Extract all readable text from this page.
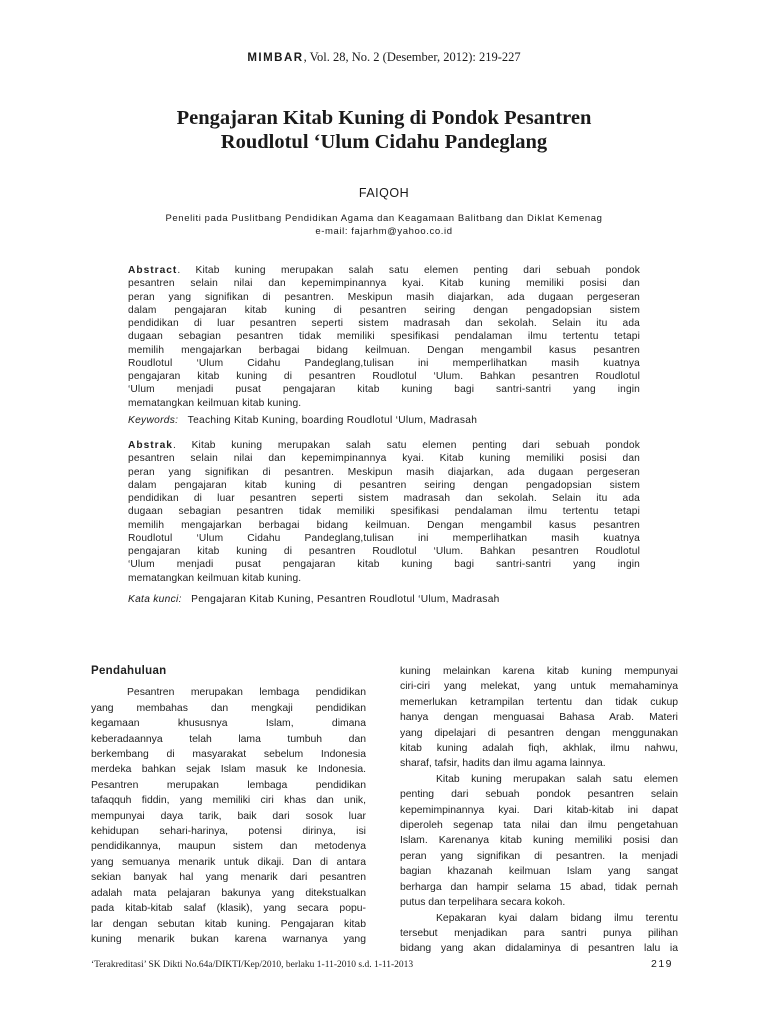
MIMBAR, Vol. 28, No. 2 (Desember, 2012): 219-227
Pengajaran Kitab Kuning di Pondok Pesantren
Roudlotul ‘Ulum Cidahu Pandeglang
FAIQOH
Peneliti pada Puslitbang Pendidikan Agama dan Keagamaan Balitbang dan Diklat Kemenag
e-mail: fajarhm@yahoo.co.id
Abstract. Kitab kuning merupakan salah satu elemen penting dari sebuah pondok
pesantren selain nilai dan kepemimpinannya kyai. Kitab kuning memiliki posisi dan
peran yang signifikan di pesantren. Meskipun masih diajarkan, ada dugaan pergeseran
dalam pengajaran kitab kuning di pesantren seiring dengan pengadopsian sistem
pendidikan di luar pesantren seperti sistem madrasah dan sekolah. Selain itu ada
dugaan sebagian pesantren tidak memiliki spesifikasi pendalaman ilmu tertentu tetapi
memilih mengajarkan berbagai bidang keilmuan. Dengan mengambil kasus pesantren
Roudlotul ‘Ulum Cidahu Pandeglang,tulisan ini memperlihatkan masih kuatnya
pengajaran kitab kuning di pesantren Roudlotul ‘Ulum. Bahkan pesantren Roudlotul
‘Ulum menjadi pusat pengajaran kitab kuning bagi santri-santri yang ingin
mematangkan keilmuan kitab kuning.
Keywords: Teaching Kitab Kuning, boarding Roudlotul ‘Ulum, Madrasah
Abstrak. Kitab kuning merupakan salah satu elemen penting dari sebuah pondok
pesantren selain nilai dan kepemimpinannya kyai. Kitab kuning memiliki posisi dan
peran yang signifikan di pesantren. Meskipun masih diajarkan, ada dugaan pergeseran
dalam pengajaran kitab kuning di pesantren seiring dengan pengadopsian sistem
pendidikan di luar pesantren seperti sistem madrasah dan sekolah. Selain itu ada
dugaan sebagian pesantren tidak memiliki spesifikasi pendalaman ilmu tertentu tetapi
memilih mengajarkan berbagai bidang keilmuan. Dengan mengambil kasus pesantren
Roudlotul ‘Ulum Cidahu Pandeglang,tulisan ini memperlihatkan masih kuatnya
pengajaran kitab kuning di pesantren Roudlotul ‘Ulum. Bahkan pesantren Roudlotul
‘Ulum menjadi pusat pengajaran kitab kuning bagi santri-santri yang ingin
mematangkan keilmuan kitab kuning.
Kata kunci: Pengajaran Kitab Kuning, Pesantren Roudlotul ‘Ulum, Madrasah
Pendahuluan
Pesantren merupakan lembaga pendidikan
yang membahas dan mengkaji pendidikan
kegamaan khususnya Islam, dimana
keberadaannya telah lama tumbuh dan
berkembang di masyarakat sebelum Indonesia
merdeka bahkan sejak Islam masuk ke Indonesia.
Pesantren merupakan lembaga pendidikan
tafaqquh fiddin, yang memiliki ciri khas dan unik,
mempunyai daya tarik, baik dari sosok luar
kehidupan sehari-harinya, potensi dirinya, isi
pendidikannya, maupun sistem dan metodenya
yang semuanya menarik untuk dikaji. Dan di antara
sekian banyak hal yang menarik dari pesantren
adalah mata pelajaran bakunya yang ditekstualkan
pada kitab-kitab salaf (klasik), yang secara popu-
lar dengan sebutan kitab kuning. Pengajaran kitab
kuning menarik bukan karena warnanya yang
kuning melainkan karena kitab kuning mempunyai
ciri-ciri yang melekat, yang untuk memahaminya
memerlukan ketrampilan tertentu dan tidak cukup
hanya dengan menguasai Bahasa Arab. Materi
yang dipelajari di pesantren dengan menggunakan
kitab kuning adalah fiqh, akhlak, ilmu nahwu,
sharaf, tafsir, hadits dan ilmu agama lainnya.
Kitab kuning merupakan salah satu elemen
penting dari sebuah pondok pesantren selain
kepemimpinannya kyai. Dari kitab-kitab ini dapat
diperoleh segenap tata nilai dan ilmu pengetahuan
Islam. Karenanya kitab kuning memiliki posisi dan
peran yang signifikan di pesantren. Ia menjadi
bagian khazanah keilmuan Islam yang sangat
berharga dan hampir selama 15 abad, tidak pernah
putus dan terpelihara secara kokoh.
Kepakaran kyai dalam bidang ilmu terentu
tersebut menjadikan para santri punya pilihan
bidang yang akan didalaminya di pesantren lalu ia
‘Terakreditasi’ SK Dikti No.64a/DIKTI/Kep/2010, berlaku 1-11-2010 s.d. 1-11-2013	219
